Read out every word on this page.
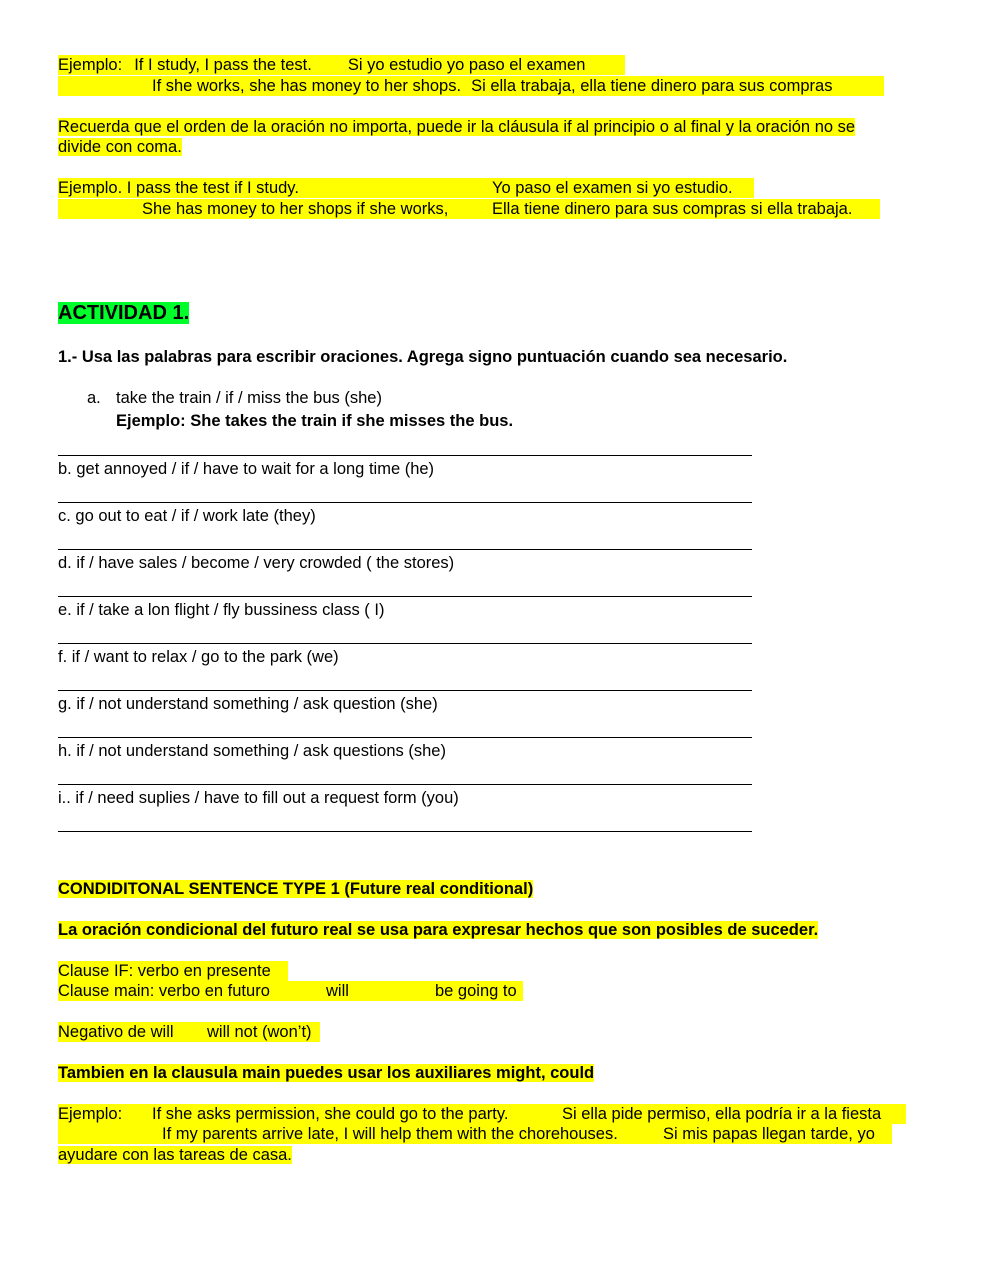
Ejemplo: If I study, I pass the test. Si yo estudio yo paso el examen
If she works, she has money to her shops. Si ella trabaja, ella tiene dinero para sus compras
Recuerda que el orden de la oración no importa, puede ir la cláusula if al principio o al final y la oración no se
divide con coma.
Ejemplo. I pass the test if I study.	Yo paso el examen si yo estudio.
She has money to her shops if she works,	Ella tiene dinero para sus compras si ella trabaja.
ACTIVIDAD 1.
1.- Usa las palabras para escribir oraciones. Agrega signo puntuación cuando sea necesario.
a. take the train / if / miss the bus (she)
Ejemplo: She takes the train if she misses the bus.
b. get annoyed / if / have to wait for a long time (he)
c. go out to eat / if / work late (they)
d. if / have sales / become / very crowded ( the stores)
e. if / take a lon flight / fly bussiness class ( I)
f. if / want to relax / go to the park (we)
g. if / not understand something / ask question (she)
h. if / not understand something / ask questions (she)
i.. if / need suplies / have to fill out a request form (you)
CONDIDITONAL SENTENCE TYPE 1 (Future real conditional)
La oración condicional del futuro real se usa para expresar hechos que son posibles de suceder.
Clause IF: verbo en presente
Clause main: verbo en futuro	will	be going to
Negativo de will will not (won’t)
Tambien en la clausula main puedes usar los auxiliares might, could
Ejemplo: If she asks permission, she could go to the party.	Si ella pide permiso, ella podría ir a la fiesta
If my parents arrive late, I will help them with the chorehouses.	Si mis papas llegan tarde, yo
ayudare con las tareas de casa.
